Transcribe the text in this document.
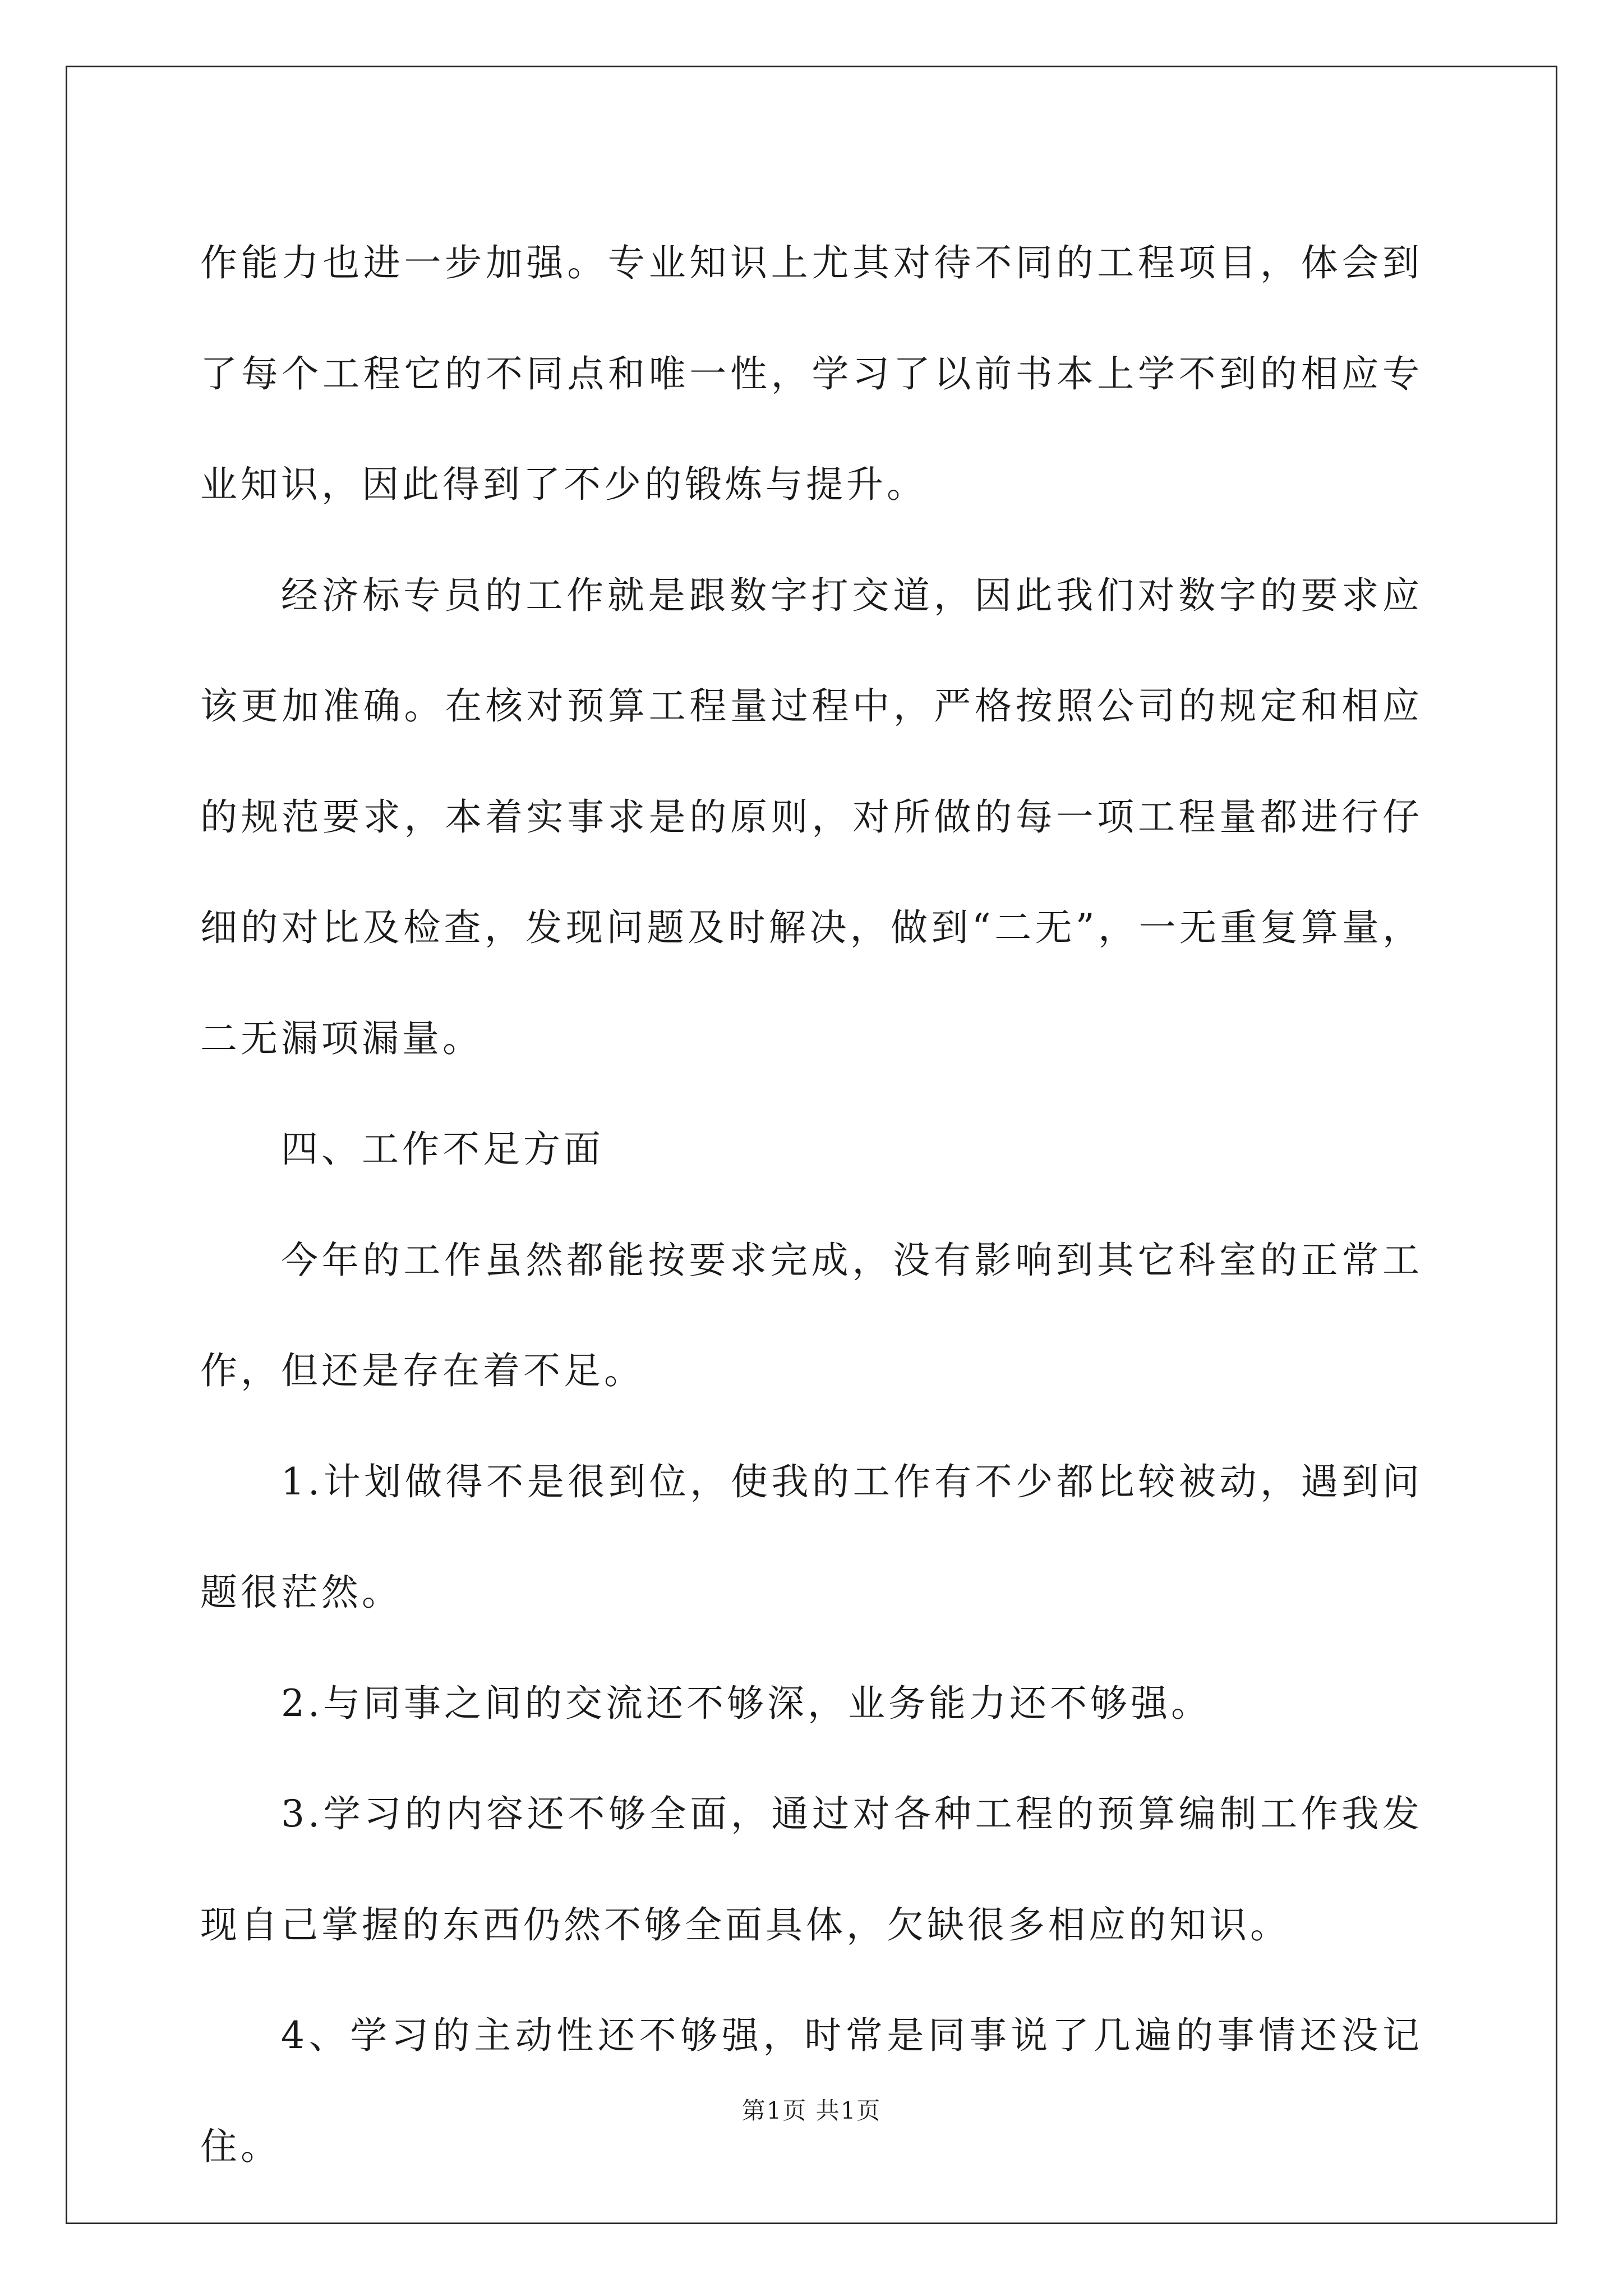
作能力也进一步加强。专业知识上尤其对待不同的工程项目，体会到了每个工程它的不同点和唯一性，学习了以前书本上学不到的相应专业知识，因此得到了不少的锻炼与提升。

经济标专员的工作就是跟数字打交道，因此我们对数字的要求应该更加准确。在核对预算工程量过程中，严格按照公司的规定和相应的规范要求，本着实事求是的原则，对所做的每一项工程量都进行仔细的对比及检查，发现问题及时解决，做到“二无”，一无重复算量，二无漏项漏量。

四、工作不足方面

今年的工作虽然都能按要求完成，没有影响到其它科室的正常工作，但还是存在着不足。

1.计划做得不是很到位，使我的工作有不少都比较被动，遇到问题很茫然。

2.与同事之间的交流还不够深，业务能力还不够强。

3.学习的内容还不够全面，通过对各种工程的预算编制工作我发现自己掌握的东西仍然不够全面具体，欠缺很多相应的知识。

4、学习的主动性还不够强，时常是同事说了几遍的事情还没记住。

第1页 共1页
